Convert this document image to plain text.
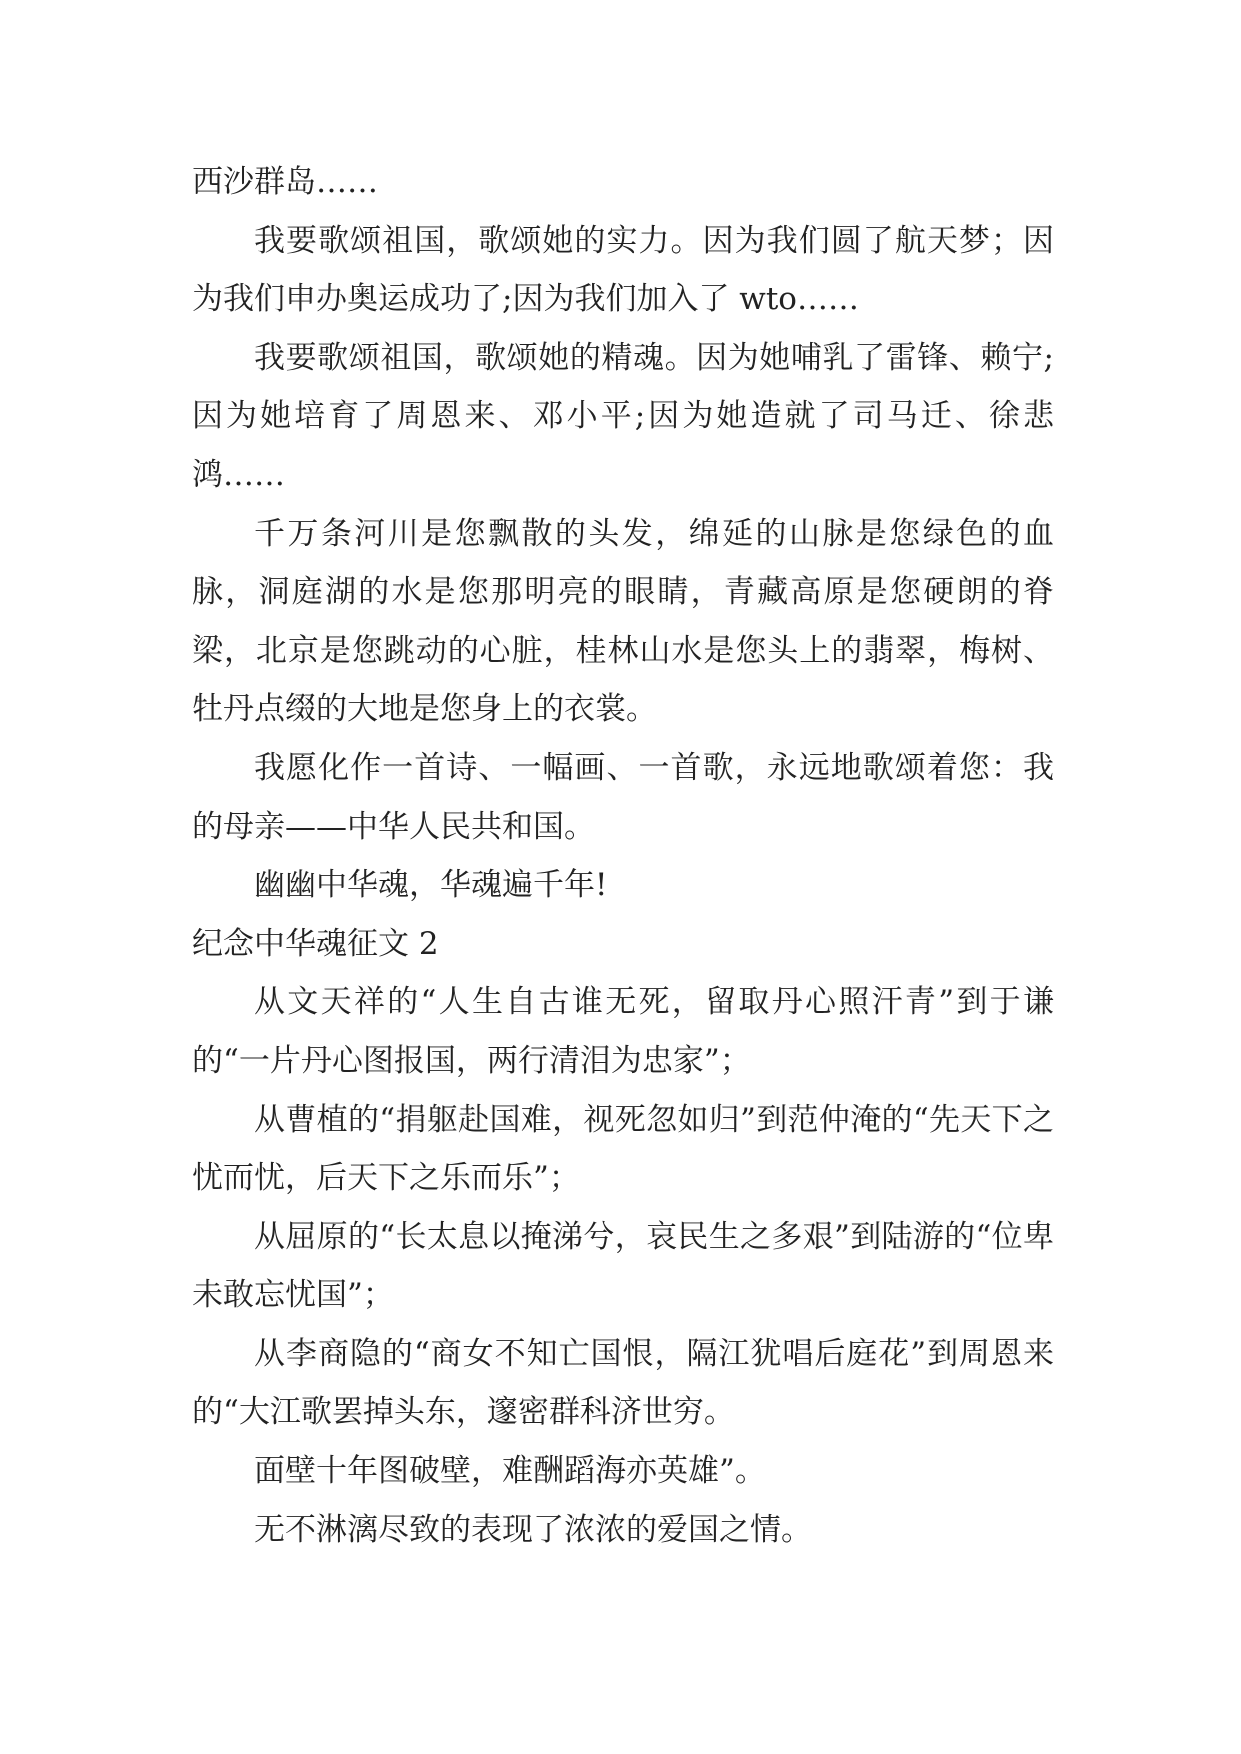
西沙群岛……

我要歌颂祖国，歌颂她的实力。因为我们圆了航天梦；因为我们申办奥运成功了;因为我们加入了 wto……

我要歌颂祖国，歌颂她的精魂。因为她哺乳了雷锋、赖宁;因为她培育了周恩来、邓小平;因为她造就了司马迁、徐悲鸿……

千万条河川是您飘散的头发，绵延的山脉是您绿色的血脉，洞庭湖的水是您那明亮的眼睛，青藏高原是您硬朗的脊梁，北京是您跳动的心脏，桂林山水是您头上的翡翠，梅树、牡丹点缀的大地是您身上的衣裳。

我愿化作一首诗、一幅画、一首歌，永远地歌颂着您：我的母亲——中华人民共和国。

幽幽中华魂，华魂遍千年!

纪念中华魂征文 2

从文天祥的“人生自古谁无死，留取丹心照汗青”到于谦的“一片丹心图报国，两行清泪为忠家”；

从曹植的“捐躯赴国难，视死忽如归”到范仲淹的“先天下之忧而忧，后天下之乐而乐”；

从屈原的“长太息以掩涕兮，哀民生之多艰”到陆游的“位卑未敢忘忧国”；

从李商隐的“商女不知亡国恨，隔江犹唱后庭花”到周恩来的“大江歌罢掉头东，邃密群科济世穷。

面壁十年图破壁，难酬蹈海亦英雄”。

无不淋漓尽致的表现了浓浓的爱国之情。
